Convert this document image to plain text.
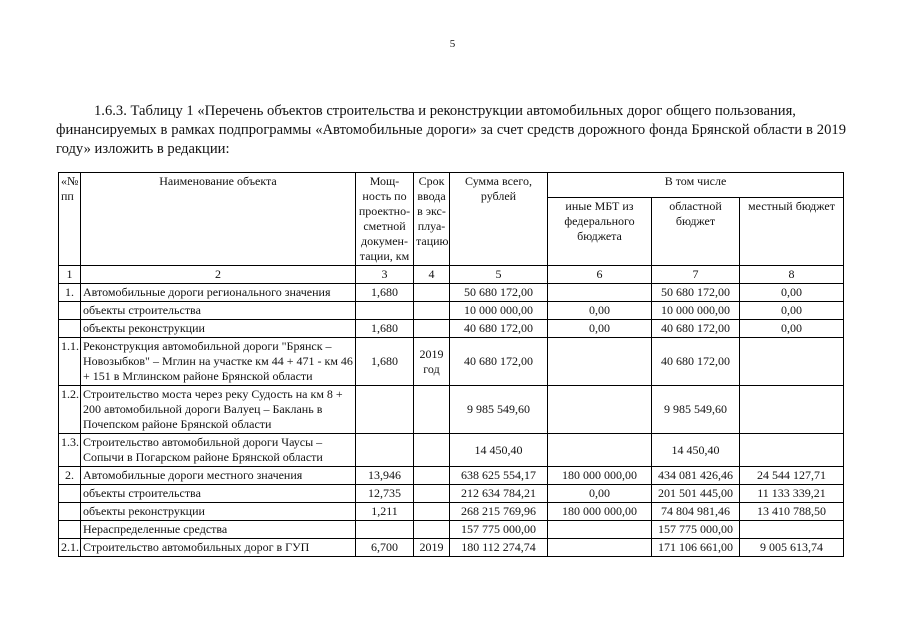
5
1.6.3. Таблицу 1 «Перечень объектов строительства и реконструкции автомобильных дорог общего пользования,
финансируемых в рамках подпрограммы «Автомобильные дороги» за счет средств дорожного фонда Брянской области в 2019 году» изложить в редакции:
«№ пп	Наименование объекта	Мощ-ность по проектно-сметной докумен-тации, км	Срок ввода в экс-плуа-тацию	Сумма всего, рублей	В том числе		
					иные МБТ из федерального бюджета	областной бюджет	местный бюджет
1	2	3	4	5	6	7	8
1.	Автомобильные дороги регионального значения	1,680		50 680 172,00		50 680 172,00	0,00
	объекты строительства			10 000 000,00	0,00	10 000 000,00	0,00
	объекты реконструкции	1,680		40 680 172,00	0,00	40 680 172,00	0,00
1.1.	Реконструкция автомобильной дороги "Брянск – Новозыбков" – Мглин на участке км 44 + 471 - км 46 + 151 в Мглинском районе Брянской области	1,680	2019 год	40 680 172,00		40 680 172,00	
1.2.	Строительство моста через реку Судость на км 8 + 200 автомобильной дороги Валуец – Баклань в Почепском районе Брянской области			9 985 549,60		9 985 549,60	
1.3.	Строительство автомобильной дороги Чаусы – Сопычи в Погарском районе Брянской области			14 450,40		14 450,40	
2.	Автомобильные дороги местного значения	13,946		638 625 554,17	180 000 000,00	434 081 426,46	24 544 127,71
	объекты строительства	12,735		212 634 784,21	0,00	201 501 445,00	11 133 339,21
	объекты реконструкции	1,211		268 215 769,96	180 000 000,00	74 804 981,46	13 410 788,50
	Нераспределенные средства			157 775 000,00		157 775 000,00	
2.1.	Строительство автомобильных дорог в ГУП	6,700	2019	180 112 274,74		171 106 661,00	9 005 613,74
